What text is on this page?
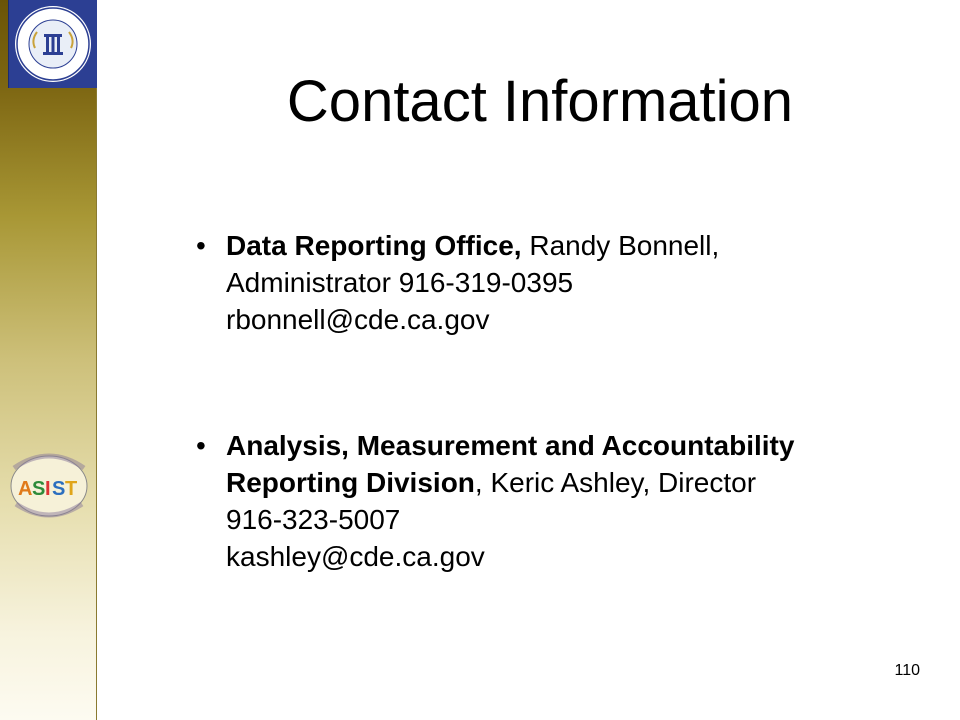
A S I S T
Contact Information
• Data Reporting Office, Randy Bonnell,
Administrator 916-319-0395
rbonnell@cde.ca.gov
• Analysis, Measurement and Accountability
Reporting Division, Keric Ashley, Director
916-323-5007
kashley@cde.ca.gov
110
